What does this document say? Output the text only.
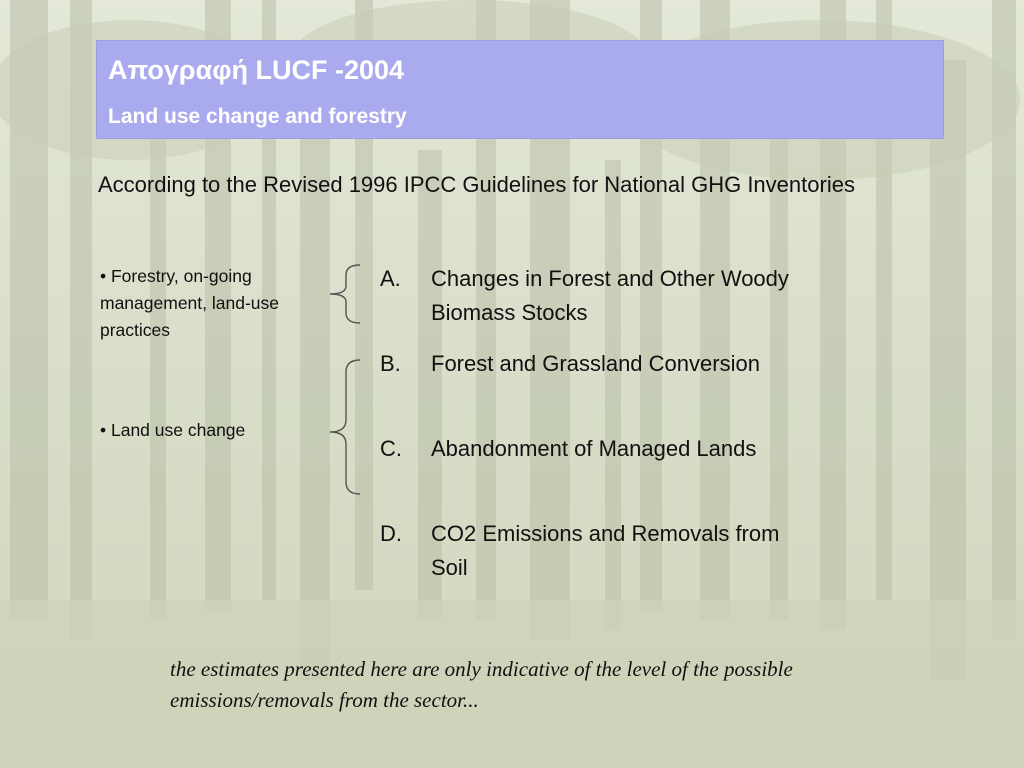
Απογραφή LUCF -2004
Land use change and forestry
According to the Revised 1996 IPCC Guidelines for National GHG Inventories
• Forestry, on-going management, land-use practices
• Land use change
A. Changes in Forest and Other Woody Biomass Stocks
B. Forest and Grassland Conversion
C. Abandonment of Managed Lands
D. CO2 Emissions and Removals from Soil
the estimates presented here are only indicative of the level of the possible emissions/removals from the sector...
